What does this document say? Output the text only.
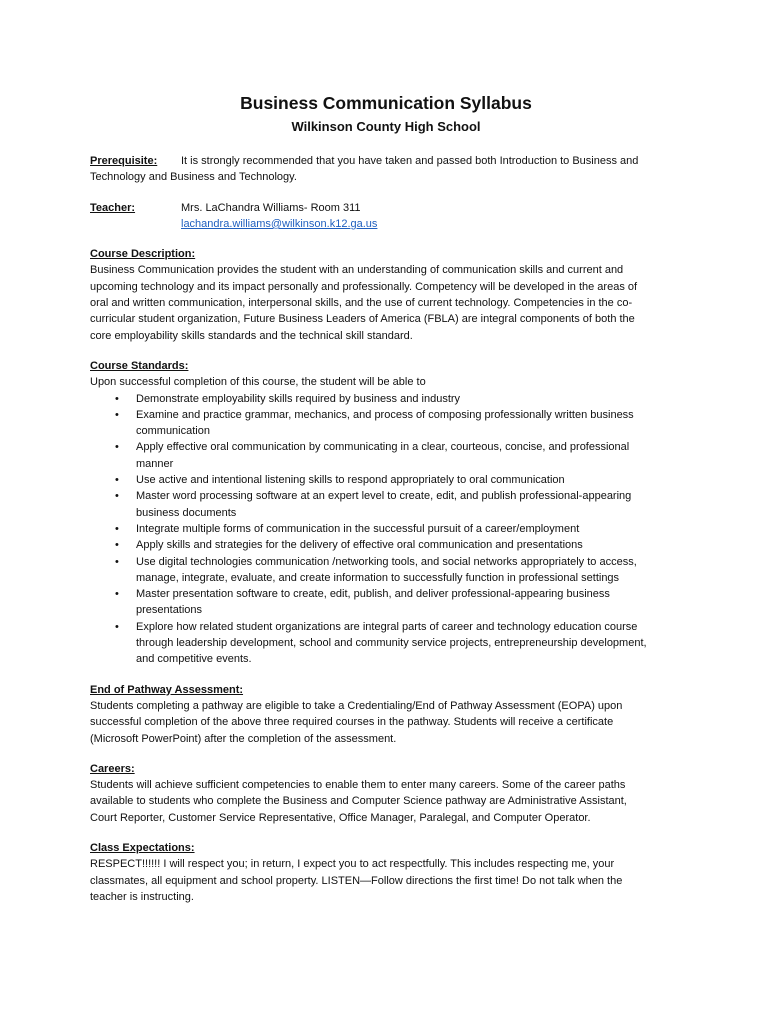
Business Communication Syllabus

Wilkinson County High School

Prerequisite: It is strongly recommended that you have taken and passed both Introduction to Business and
Technology and Business and Technology.
Teacher:	Mrs. LaChandra Williams- Room 311
lachandra.williams@wilkinson.k12.ga.us
Course Description:
Business Communication provides the student with an understanding of communication skills and current and
upcoming technology and its impact personally and professionally. Competency will be developed in the areas of
oral and written communication, interpersonal skills, and the use of current technology. Competencies in the co-
curricular student organization, Future Business Leaders of America (FBLA) are integral components of both the
core employability skills standards and the technical skill standard.
Course Standards:
Upon successful completion of this course, the student will be able to
• Demonstrate employability skills required by business and industry
• Examine and practice grammar, mechanics, and process of composing professionally written business
communication
• Apply effective oral communication by communicating in a clear, courteous, concise, and professional
manner
• Use active and intentional listening skills to respond appropriately to oral communication
• Master word processing software at an expert level to create, edit, and publish professional-appearing
business documents
• Integrate multiple forms of communication in the successful pursuit of a career/employment
• Apply skills and strategies for the delivery of effective oral communication and presentations
• Use digital technologies communication /networking tools, and social networks appropriately to access,
manage, integrate, evaluate, and create information to successfully function in professional settings
• Master presentation software to create, edit, publish, and deliver professional-appearing business
presentations
• Explore how related student organizations are integral parts of career and technology education course
through leadership development, school and community service projects, entrepreneurship development,
and competitive events.
End of Pathway Assessment:
Students completing a pathway are eligible to take a Credentialing/End of Pathway Assessment (EOPA) upon
successful completion of the above three required courses in the pathway. Students will receive a certificate
(Microsoft PowerPoint) after the completion of the assessment.
Careers:
Students will achieve sufficient competencies to enable them to enter many careers. Some of the career paths
available to students who complete the Business and Computer Science pathway are Administrative Assistant,
Court Reporter, Customer Service Representative, Office Manager, Paralegal, and Computer Operator.
Class Expectations:
RESPECT!!!!!! I will respect you; in return, I expect you to act respectfully. This includes respecting me, your
classmates, all equipment and school property. LISTEN—Follow directions the first time! Do not talk when the
teacher is instructing.
